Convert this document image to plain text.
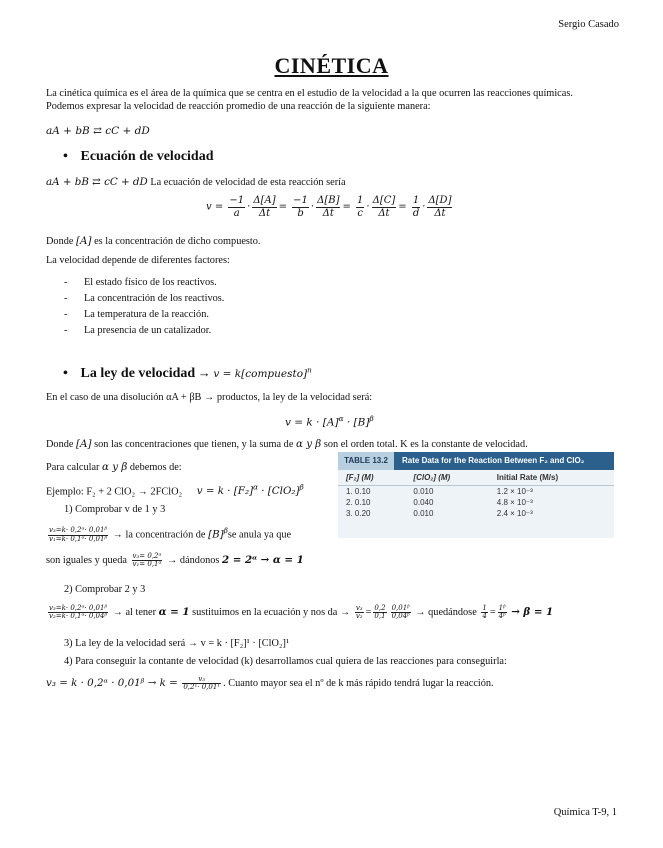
Sergio Casado
CINÉTICA
La cinética química es el área de la química que se centra en el estudio de la velocidad a la que ocurren las reacciones químicas. Podemos expresar la velocidad de reacción promedio de una reacción de la siguiente manera:
aA + bB ⇄ cC + dD
• Ecuación de velocidad
aA + bB ⇄ cC + dD La ecuación de velocidad de esta reacción sería
$v = \frac{-1}{a} \cdot \frac{\Delta[A]}{\Delta t} = \frac{-1}{b} \cdot \frac{\Delta[B]}{\Delta t} = \frac{1}{c} \cdot \frac{\Delta[C]}{\Delta t} = \frac{1}{d} \cdot \frac{\Delta[D]}{\Delta t}$
Donde [A] es la concentración de dicho compuesto.
La velocidad depende de diferentes factores:
- El estado físico de los reactivos.
- La concentración de los reactivos.
- La temperatura de la reacción.
- La presencia de un catalizador.
• La ley de velocidad → v = k[compuesto]$^n$
En el caso de una disolución αA + βB → productos, la ley de la velocidad será:
$v = k \cdot [A]^\alpha \cdot [B]^\beta$
Donde [A] son las concentraciones que tienen, y la suma de α y β son el orden total. K es la constante de velocidad.
Para calcular α y β debemos de:
Ejemplo: F₂ + 2 ClO₂ → 2FClO₂ $v = k \cdot [F_2]^\alpha \cdot [ClO_2]^\beta$
TABLE 13.2	Rate Data for the Reaction Between F₂ and ClO₂
[F₂] (M)	[ClO₂] (M)	Initial Rate (M/s)
1. 0.10	0.010	1.2 × 10⁻³
2. 0.10	0.040	4.8 × 10⁻³
3. 0.20	0.010	2.4 × 10⁻³
1) Comprobar v de 1 y 3
$\frac{\text{v₃=k· 0,2ᵅ· 0,01ᵝ}}{\text{v₁=k· 0,1ᵅ· 0,01ᵝ}}$ → la concentración de $[B]^\beta se$ anula ya que
son iguales y queda $\frac{\text{v₃= 0,2ᵅ}}{\text{v₁= 0,1ᵅ}}$ → dándonos 2 = 2ᵅ → α = 1
2) Comprobar 2 y 3
$\frac{\text{v₃=k· 0,2ᵅ· 0,01ᵝ}}{\text{v₂=k· 0,1ᵅ· 0,04ᵝ}}$ → al tener α = 1 sustituimos en la ecuación y nos da → $\frac{\text{v₃}}{\text{v₂}} = \frac{0,2}{0,1} \frac{\text{0,01ᵝ}}{\text{0,04ᵝ}}$ → quedándose $\frac{1}{4} = \frac{\text{1ᵝ}}{\text{4ᵝ}} \to \beta = 1$
3) La ley de la velocidad será → v = k · [F₂]¹ · [ClO₂]¹
4) Para conseguir la contante de velocidad (k) desarrollamos cual quiera de las reacciones para conseguirla:
v₃ = k · 0,2ᵅ · 0,01ᵝ → $k = \frac{\text{v₃}}{\text{0,2¹· 0,01¹}}$ . Cuanto mayor sea el nº de k más rápido tendrá lugar la reacción.
Química T-9, 1
